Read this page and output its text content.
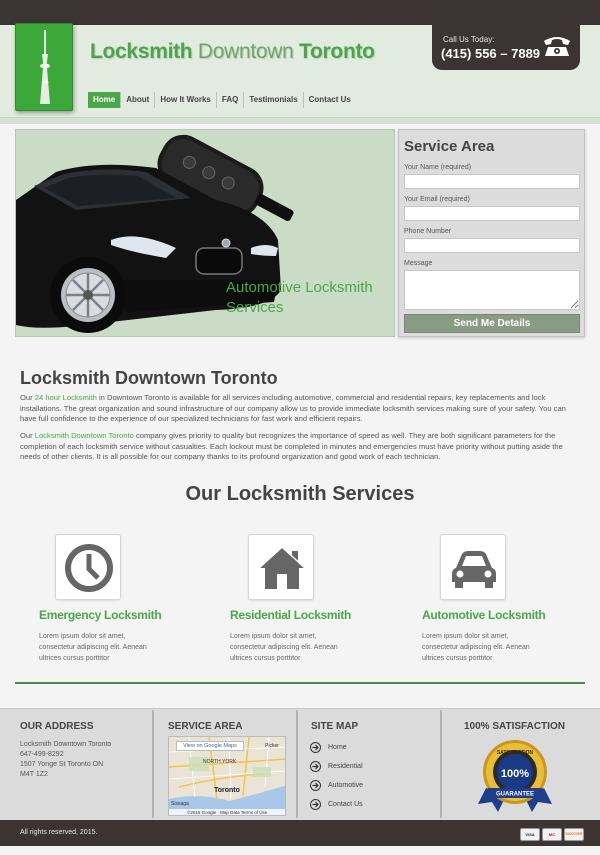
Locksmith Downtown Toronto
Call Us Today:
(415) 556 – 7889
Home	About	How It Works	FAQ	Testimonials	Contact Us
Automotive Locksmith
Services
Service Area
Your Name (required)
Your Email (required)
Phone Number
Message
Send Me Details
Locksmith Downtown Toronto
Our 24 hour Locksmith in Downtown Toronto is available for all services including automotive, commercial and residential repairs, key replacements and lock installations. The great organization and sound infrastructure of our company allow us to provide immediate locksmith services making sure of your safety. You can have full confidence to the experience of our specialized technicians for fast work and efficient repairs.
Our Locksmith Downtown Toronto company gives priority to quality but recognizes the importance of speed as well. They are both significant parameters for the completion of each locksmith service without casualties. Each lockout must be completed in minutes and emergencies must have priority without putting aside the needs of other clients. It is all possible for our company thanks to its profound organization and good work of each technician.
Our Locksmith Services
Emergency Locksmith
Lorem ipsum dolor sit amet, consectetur adipiscing elit. Aenean ultrices cursus porttitor
Residential Locksmith
Lorem ipsum dolor sit amet, consectetur adipiscing elit. Aenean ultrices cursus porttitor
Automotive Locksmith
Lorem ipsum dolor sit amet, consectetur adipiscing elit. Aenean ultrices cursus porttitor
OUR ADDRESS
Locksmith Downtown Toronto
647-499-8292
1507 Yonge St Toronto ON
M4T 1Z2
SERVICE AREA
View on Google Maps	Picker
NORTH YORK
Sissaga
Toronto
©2015 Google · Map Data Terms of Use
SITE MAP
Home
Residential
Automotive
Contact Us
100% SATISFACTION
SATISFACTION
100%
GUARANTEE
All rights reserved, 2015.	VISA	MC	DISCOVER
